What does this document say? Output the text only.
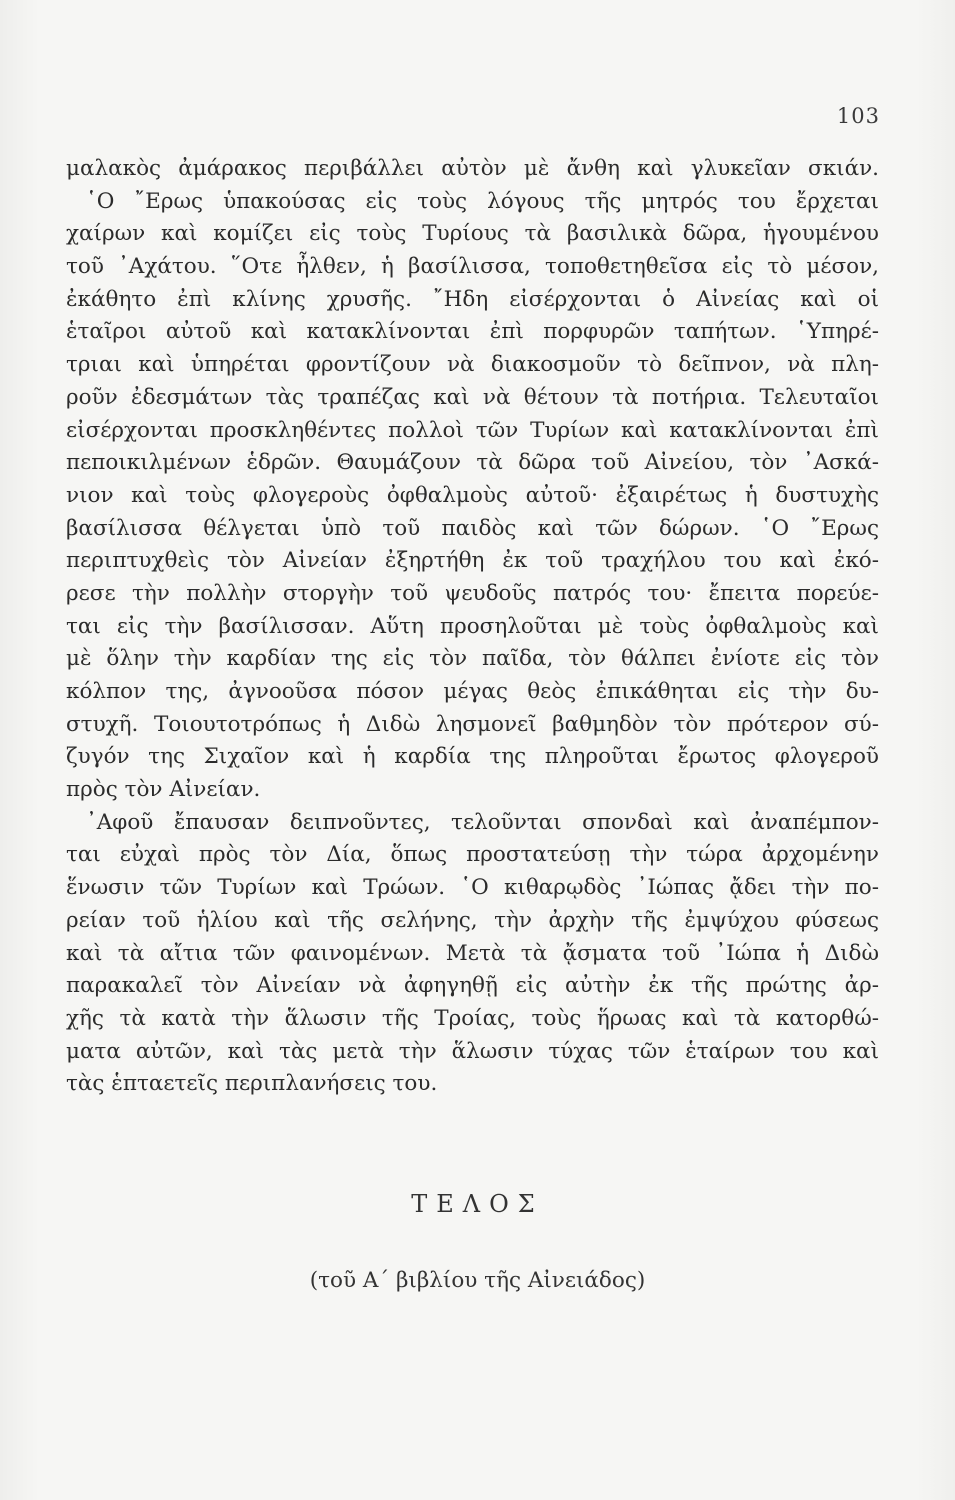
103
μαλακὸς ἀμάρακος περιβάλλει αὐτὸν μὲ ἄνθη καὶ γλυκεῖαν σκιάν.
῾Ο ῎Ερως ὑπακούσας εἰς τοὺς λόγους τῆς μητρός του ἔρχεται
χαίρων καὶ κομίζει εἰς τοὺς Τυρίους τὰ βασιλικὰ δῶρα, ἡγουμένου
τοῦ ᾿Αχάτου. ῞Οτε ἦλθεν, ἡ βασίλισσα, τοποθετηθεῖσα εἰς τὸ μέσον,
ἐκάθητο ἐπὶ κλίνης χρυσῆς. ῎Ηδη εἰσέρχονται ὁ Αἰνείας καὶ οἱ
ἑταῖροι αὐτοῦ καὶ κατακλίνονται ἐπὶ πορφυρῶν ταπήτων. ῾Υπηρέ-
τριαι καὶ ὑπηρέται φροντίζουν νὰ διακοσμοῦν τὸ δεῖπνον, νὰ πλη-
ροῦν ἐδεσμάτων τὰς τραπέζας καὶ νὰ θέτουν τὰ ποτήρια. Τελευταῖοι
εἰσέρχονται προσκληθέντες πολλοὶ τῶν Τυρίων καὶ κατακλίνονται ἐπὶ
πεποικιλμένων ἑδρῶν. Θαυμάζουν τὰ δῶρα τοῦ Αἰνείου, τὸν ᾿Ασκά-
νιον καὶ τοὺς φλογεροὺς ὀφθαλμοὺς αὐτοῦ· ἐξαιρέτως ἡ δυστυχὴς
βασίλισσα θέλγεται ὑπὸ τοῦ παιδὸς καὶ τῶν δώρων. ῾Ο ῎Ερως
περιπτυχθεὶς τὸν Αἰνείαν ἐξηρτήθη ἐκ τοῦ τραχήλου του καὶ ἐκό-
ρεσε τὴν πολλὴν στοργὴν τοῦ ψευδοῦς πατρός του· ἔπειτα πορεύε-
ται εἰς τὴν βασίλισσαν. Αὕτη προσηλοῦται μὲ τοὺς ὀφθαλμοὺς καὶ
μὲ ὅλην τὴν καρδίαν της εἰς τὸν παῖδα, τὸν θάλπει ἐνίοτε εἰς τὸν
κόλπον της, ἀγνοοῦσα πόσον μέγας θεὸς ἐπικάθηται εἰς τὴν δυ-
στυχῆ. Τοιουτοτρόπως ἡ Διδὼ λησμονεῖ βαθμηδὸν τὸν πρότερον σύ-
ζυγόν της Σιχαῖον καὶ ἡ καρδία της πληροῦται ἔρωτος φλογεροῦ
πρὸς τὸν Αἰνείαν.
᾿Αφοῦ ἔπαυσαν δειπνοῦντες, τελοῦνται σπονδαὶ καὶ ἀναπέμπον-
ται εὐχαὶ πρὸς τὸν Δία, ὅπως προστατεύσῃ τὴν τώρα ἀρχομένην
ἕνωσιν τῶν Τυρίων καὶ Τρώων. ῾Ο κιθαρῳδὸς ᾿Ιώπας ᾄδει τὴν πο-
ρείαν τοῦ ἡλίου καὶ τῆς σελήνης, τὴν ἀρχὴν τῆς ἐμψύχου φύσεως
καὶ τὰ αἴτια τῶν φαινομένων. Μετὰ τὰ ᾄσματα τοῦ ᾿Ιώπα ἡ Διδὼ
παρακαλεῖ τὸν Αἰνείαν νὰ ἀφηγηθῇ εἰς αὐτὴν ἐκ τῆς πρώτης ἀρ-
χῆς τὰ κατὰ τὴν ἅλωσιν τῆς Τροίας, τοὺς ἥρωας καὶ τὰ κατορθώ-
ματα αὐτῶν, καὶ τὰς μετὰ τὴν ἅλωσιν τύχας τῶν ἑταίρων του καὶ
τὰς ἑπταετεῖς περιπλανήσεις του.
ΤΕΛΟΣ
(τοῦ Α΄ βιβλίου τῆς Αἰνειάδος)
